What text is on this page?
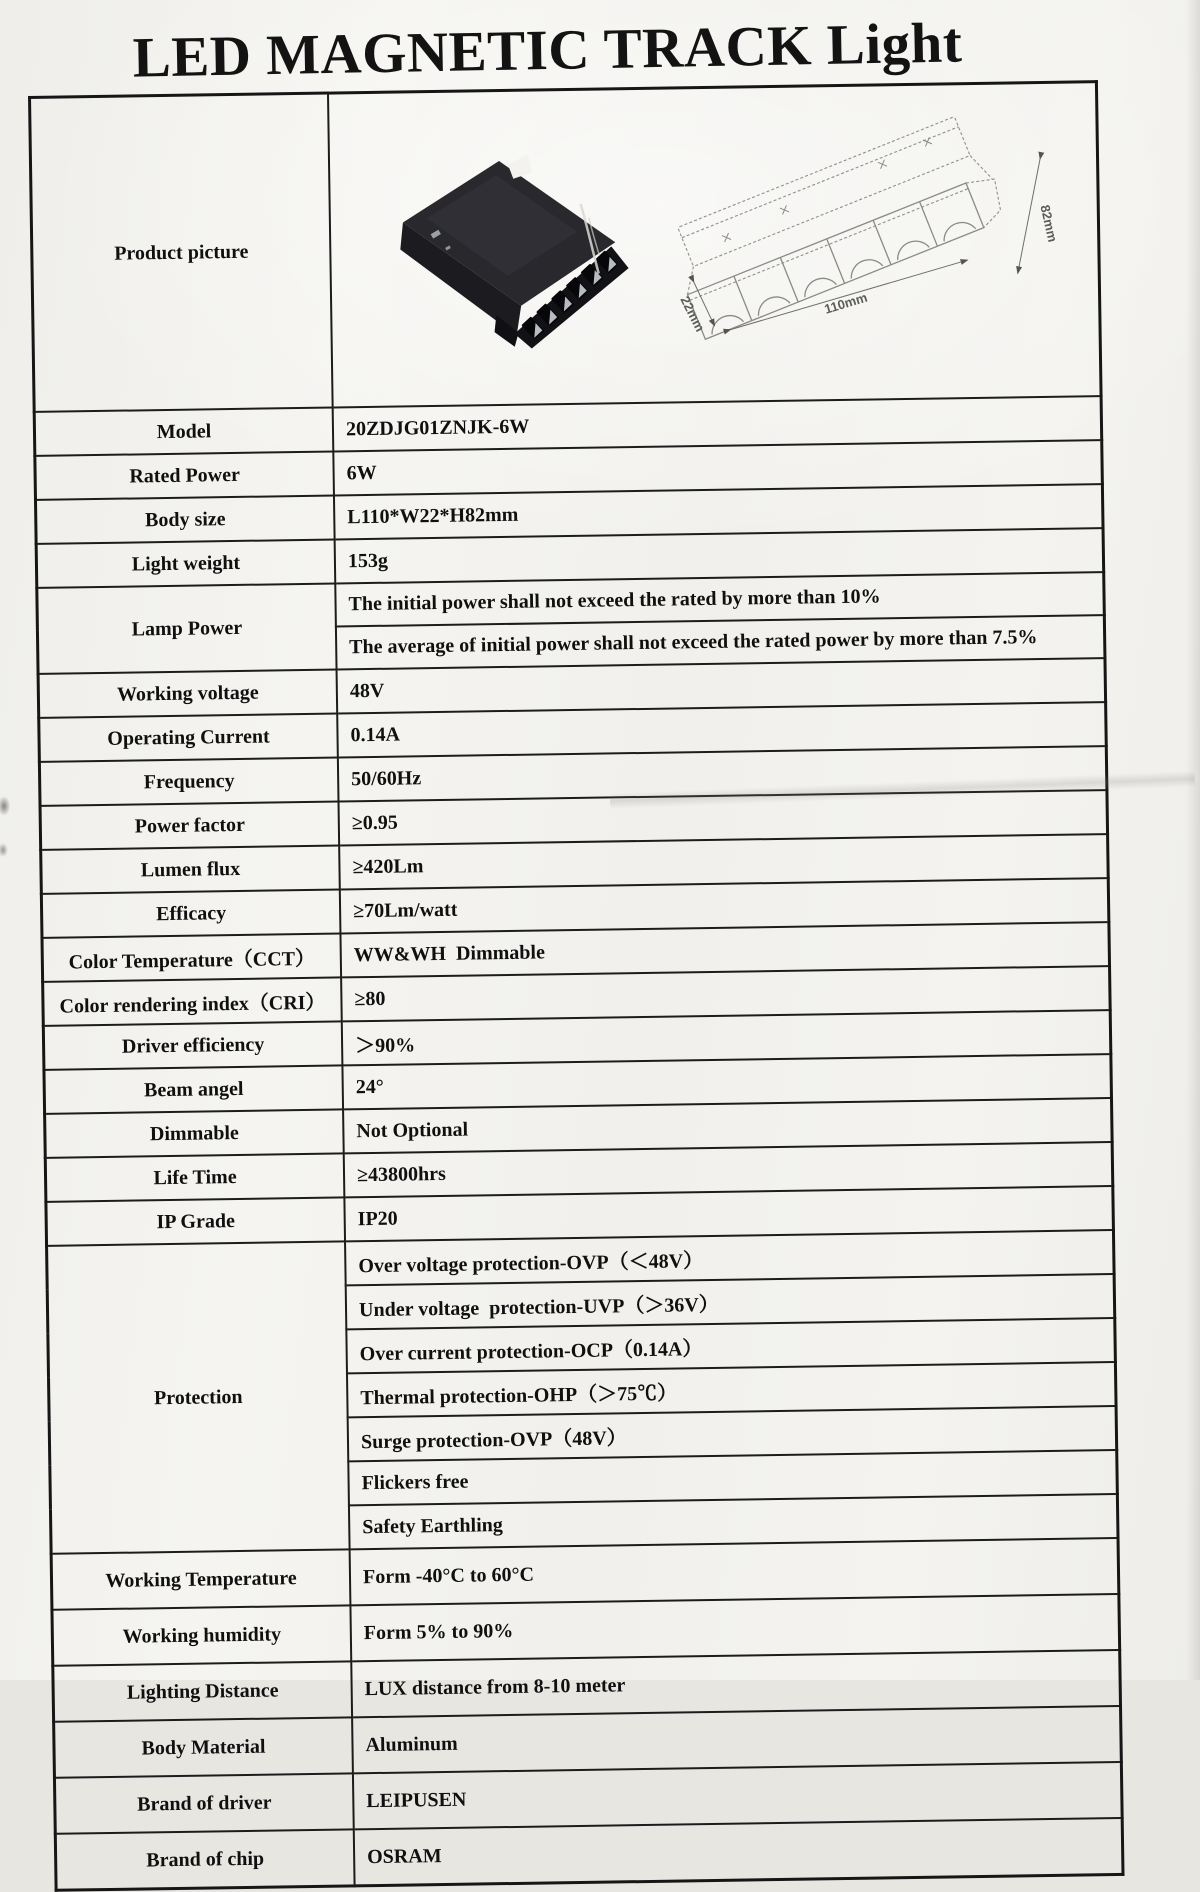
LED MAGNETIC TRACK Light
Product picture	82mm
110mm
22mm

Model	20ZDJG01ZNJK-6W
Rated Power	6W
Body size	L110*W22*H82mm
Light weight	153g
Lamp Power	The initial power shall not exceed the rated by more than 10%
	The average of initial power shall not exceed the rated power by more than 7.5%
Working voltage	48V
Operating Current	0.14A
Frequency	50/60Hz
Power factor	≥0.95
Lumen flux	≥420Lm
Efficacy	≥70Lm/watt
Color Temperature（CCT）	WW&WH  Dimmable
Color rendering index（CRI）	≥80
Driver efficiency	＞90%
Beam angel	24°
Dimmable	Not Optional
Life Time	≥43800hrs
IP Grade	IP20
Protection	Over voltage protection-OVP（＜48V）
	Under voltage  protection-UVP（＞36V）
	Over current protection-OCP（0.14A）
	Thermal protection-OHP（＞75℃）
	Surge protection-OVP（48V）
	Flickers free
	Safety Earthling
Working Temperature	Form -40°C to 60°C
Working humidity	Form 5% to 90%
Lighting Distance	LUX distance from 8-10 meter
Body Material	Aluminum
Brand of driver	LEIPUSEN
Brand of chip	OSRAM
